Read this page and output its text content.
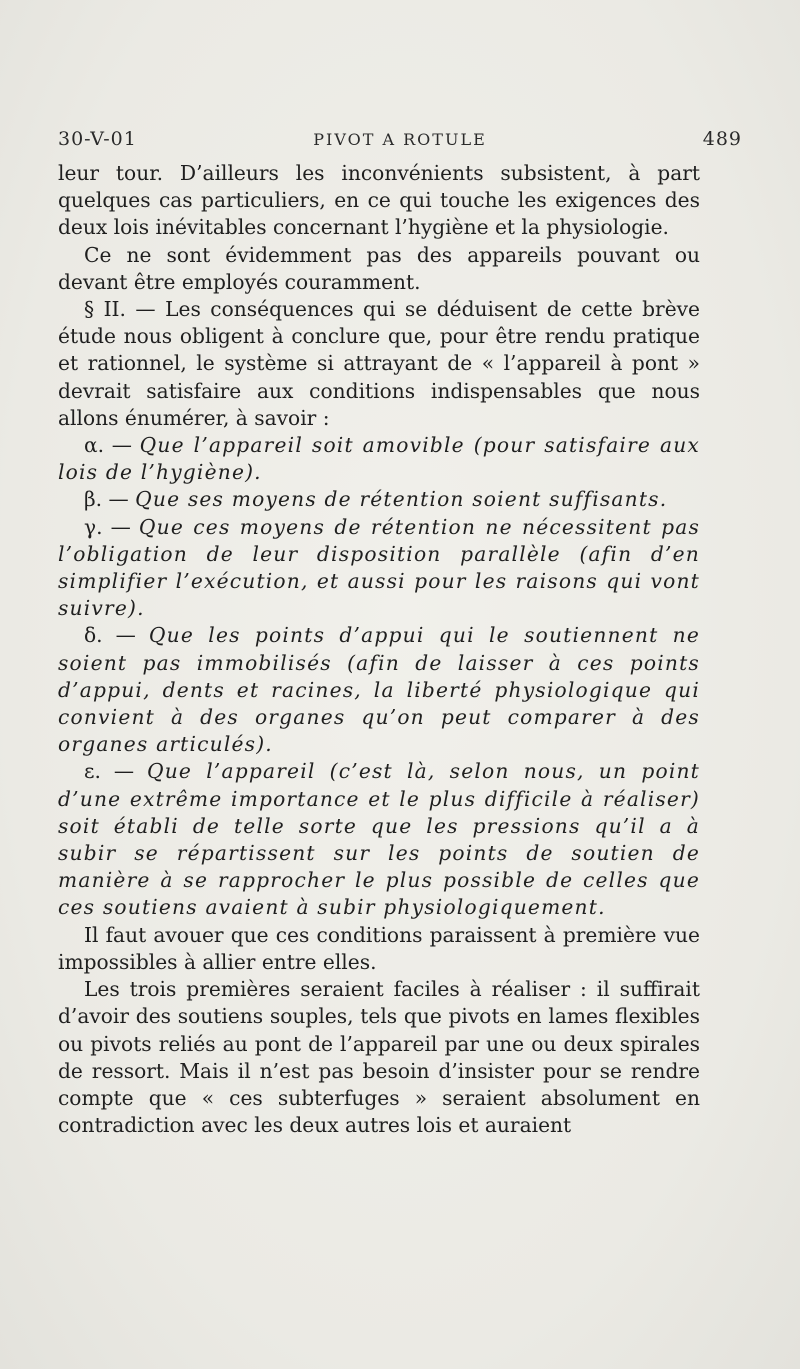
30-V-01	PIVOT A ROTULE	489

leur tour. D’ailleurs les inconvénients subsistent, à part quelques cas particuliers, en ce qui touche les exigences des deux lois inévitables concernant l’hygiène et la physiologie.

Ce ne sont évidemment pas des appareils pouvant ou devant être employés couramment.

§ II. — Les conséquences qui se déduisent de cette brève étude nous obligent à conclure que, pour être rendu pratique et rationnel, le système si attrayant de « l’appareil à pont » devrait satisfaire aux conditions indispensables que nous allons énumérer, à savoir :

α. — Que l’appareil soit amovible (pour satisfaire aux lois de l’hygiène).

β. — Que ses moyens de rétention soient suffisants.

γ. — Que ces moyens de rétention ne nécessitent pas l’obligation de leur disposition parallèle (afin d’en simplifier l’exécution, et aussi pour les raisons qui vont suivre).

δ. — Que les points d’appui qui le soutiennent ne soient pas immobilisés (afin de laisser à ces points d’appui, dents et racines, la liberté physiologique qui convient à des organes qu’on peut comparer à des organes articulés).

ε. — Que l’appareil (c’est là, selon nous, un point d’une extrême importance et le plus difficile à réaliser) soit établi de telle sorte que les pressions qu’il a à subir se répartissent sur les points de soutien de manière à se rapprocher le plus possible de celles que ces soutiens avaient à subir physiologiquement.

Il faut avouer que ces conditions paraissent à première vue impossibles à allier entre elles.

Les trois premières seraient faciles à réaliser : il suffirait d’avoir des soutiens souples, tels que pivots en lames flexibles ou pivots reliés au pont de l’appareil par une ou deux spirales de ressort. Mais il n’est pas besoin d’insister pour se rendre compte que « ces subterfuges » seraient absolument en contradiction avec les deux autres lois et auraient
